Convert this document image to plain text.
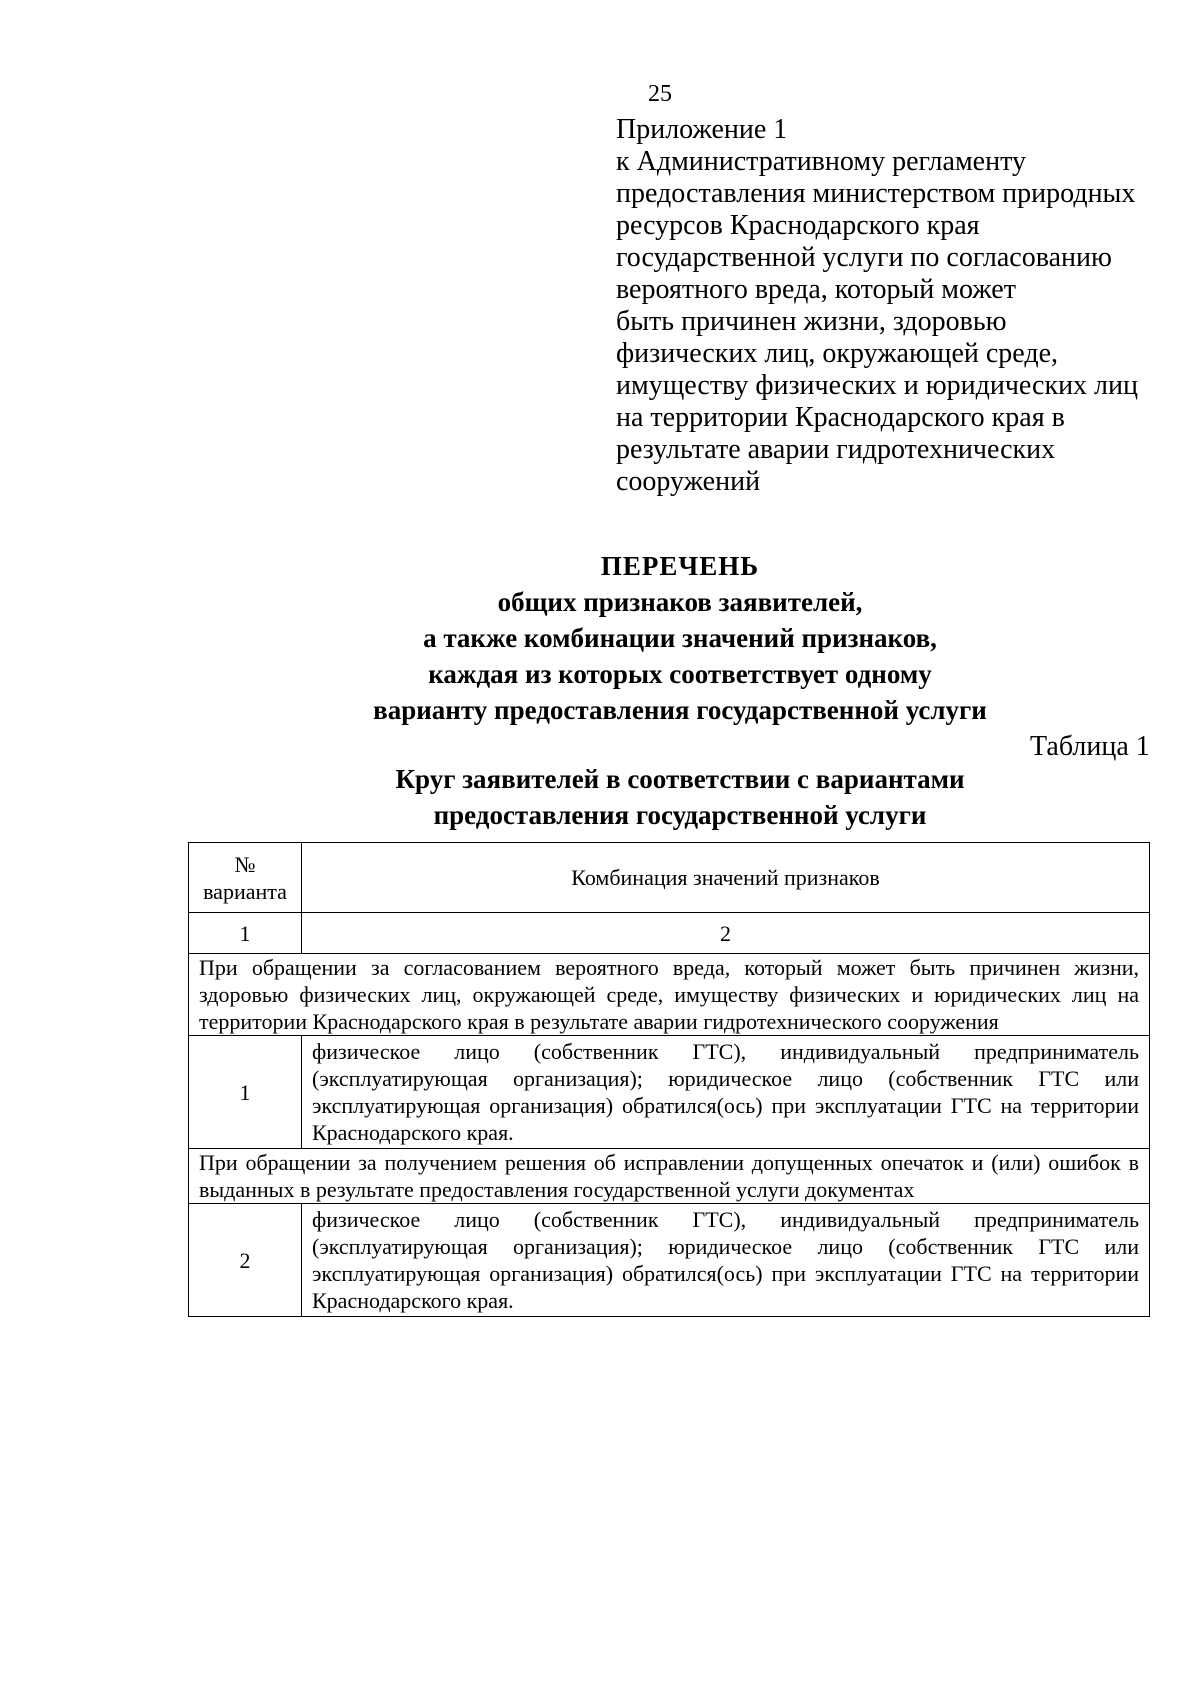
25
Приложение 1
к Административному регламенту
предоставления министерством природных
ресурсов Краснодарского края
государственной услуги по согласованию
вероятного вреда, который может
быть причинен жизни, здоровью
физических лиц, окружающей среде,
имуществу физических и юридических лиц
на территории Краснодарского края в
результате аварии гидротехнических
сооружений
ПЕРЕЧЕНЬ
общих признаков заявителей,
а также комбинации значений признаков,
каждая из которых соответствует одному
варианту предоставления государственной услуги
Таблица 1
Круг заявителей в соответствии с вариантами
предоставления государственной услуги
№
варианта	Комбинация значений признаков
1	2
При обращении за согласованием вероятного вреда, который может быть причинен жизни, здоровью физических лиц, окружающей среде, имуществу физических и юридических лиц на территории Краснодарского края в результате аварии гидротехнического сооружения	
1	физическое лицо (собственник ГТС), индивидуальный предприниматель (эксплуатирующая организация); юридическое лицо (собственник ГТС или эксплуатирующая организация) обратился(ось) при эксплуатации ГТС на территории Краснодарского края.
При обращении за получением решения об исправлении допущенных опечаток и (или) ошибок в выданных в результате предоставления государственной услуги документах	
2	физическое лицо (собственник ГТС), индивидуальный предприниматель (эксплуатирующая организация); юридическое лицо (собственник ГТС или эксплуатирующая организация) обратился(ось) при эксплуатации ГТС на территории Краснодарского края.
